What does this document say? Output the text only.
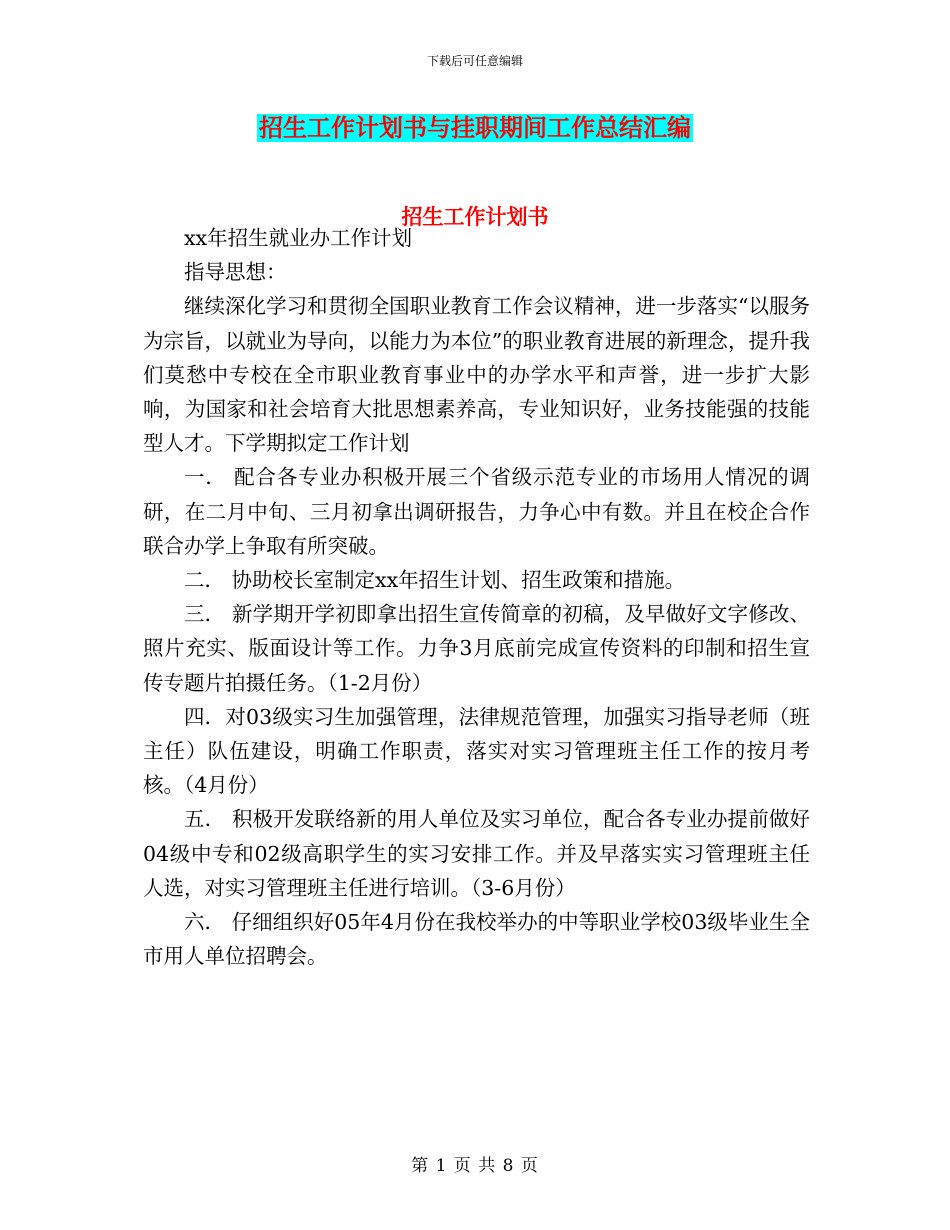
下载后可任意编辑
招生工作计划书与挂职期间工作总结汇编
招生工作计划书

xx年招生就业办工作计划

指导思想：

继续深化学习和贯彻全国职业教育工作会议精神，进一步落实“以服务为宗旨，以就业为导向，以能力为本位”的职业教育进展的新理念，提升我们莫愁中专校在全市职业教育事业中的办学水平和声誉，进一步扩大影响，为国家和社会培育大批思想素养高，专业知识好，业务技能强的技能型人才。下学期拟定工作计划

一． 配合各专业办积极开展三个省级示范专业的市场用人情况的调研，在二月中旬、三月初拿出调研报告，力争心中有数。并且在校企合作联合办学上争取有所突破。

二． 协助校长室制定xx年招生计划、招生政策和措施。

三． 新学期开学初即拿出招生宣传简章的初稿，及早做好文字修改、照片充实、版面设计等工作。力争3月底前完成宣传资料的印制和招生宣传专题片拍摄任务。（1-2月份）

四．对03级实习生加强管理，法律规范管理，加强实习指导老师（班主任）队伍建设，明确工作职责，落实对实习管理班主任工作的按月考核。（4月份）

五． 积极开发联络新的用人单位及实习单位，配合各专业办提前做好04级中专和02级高职学生的实习安排工作。并及早落实实习管理班主任人选，对实习管理班主任进行培训。（3-6月份）

六． 仔细组织好05年4月份在我校举办的中等职业学校03级毕业生全市用人单位招聘会。

第 1 页 共 8 页
